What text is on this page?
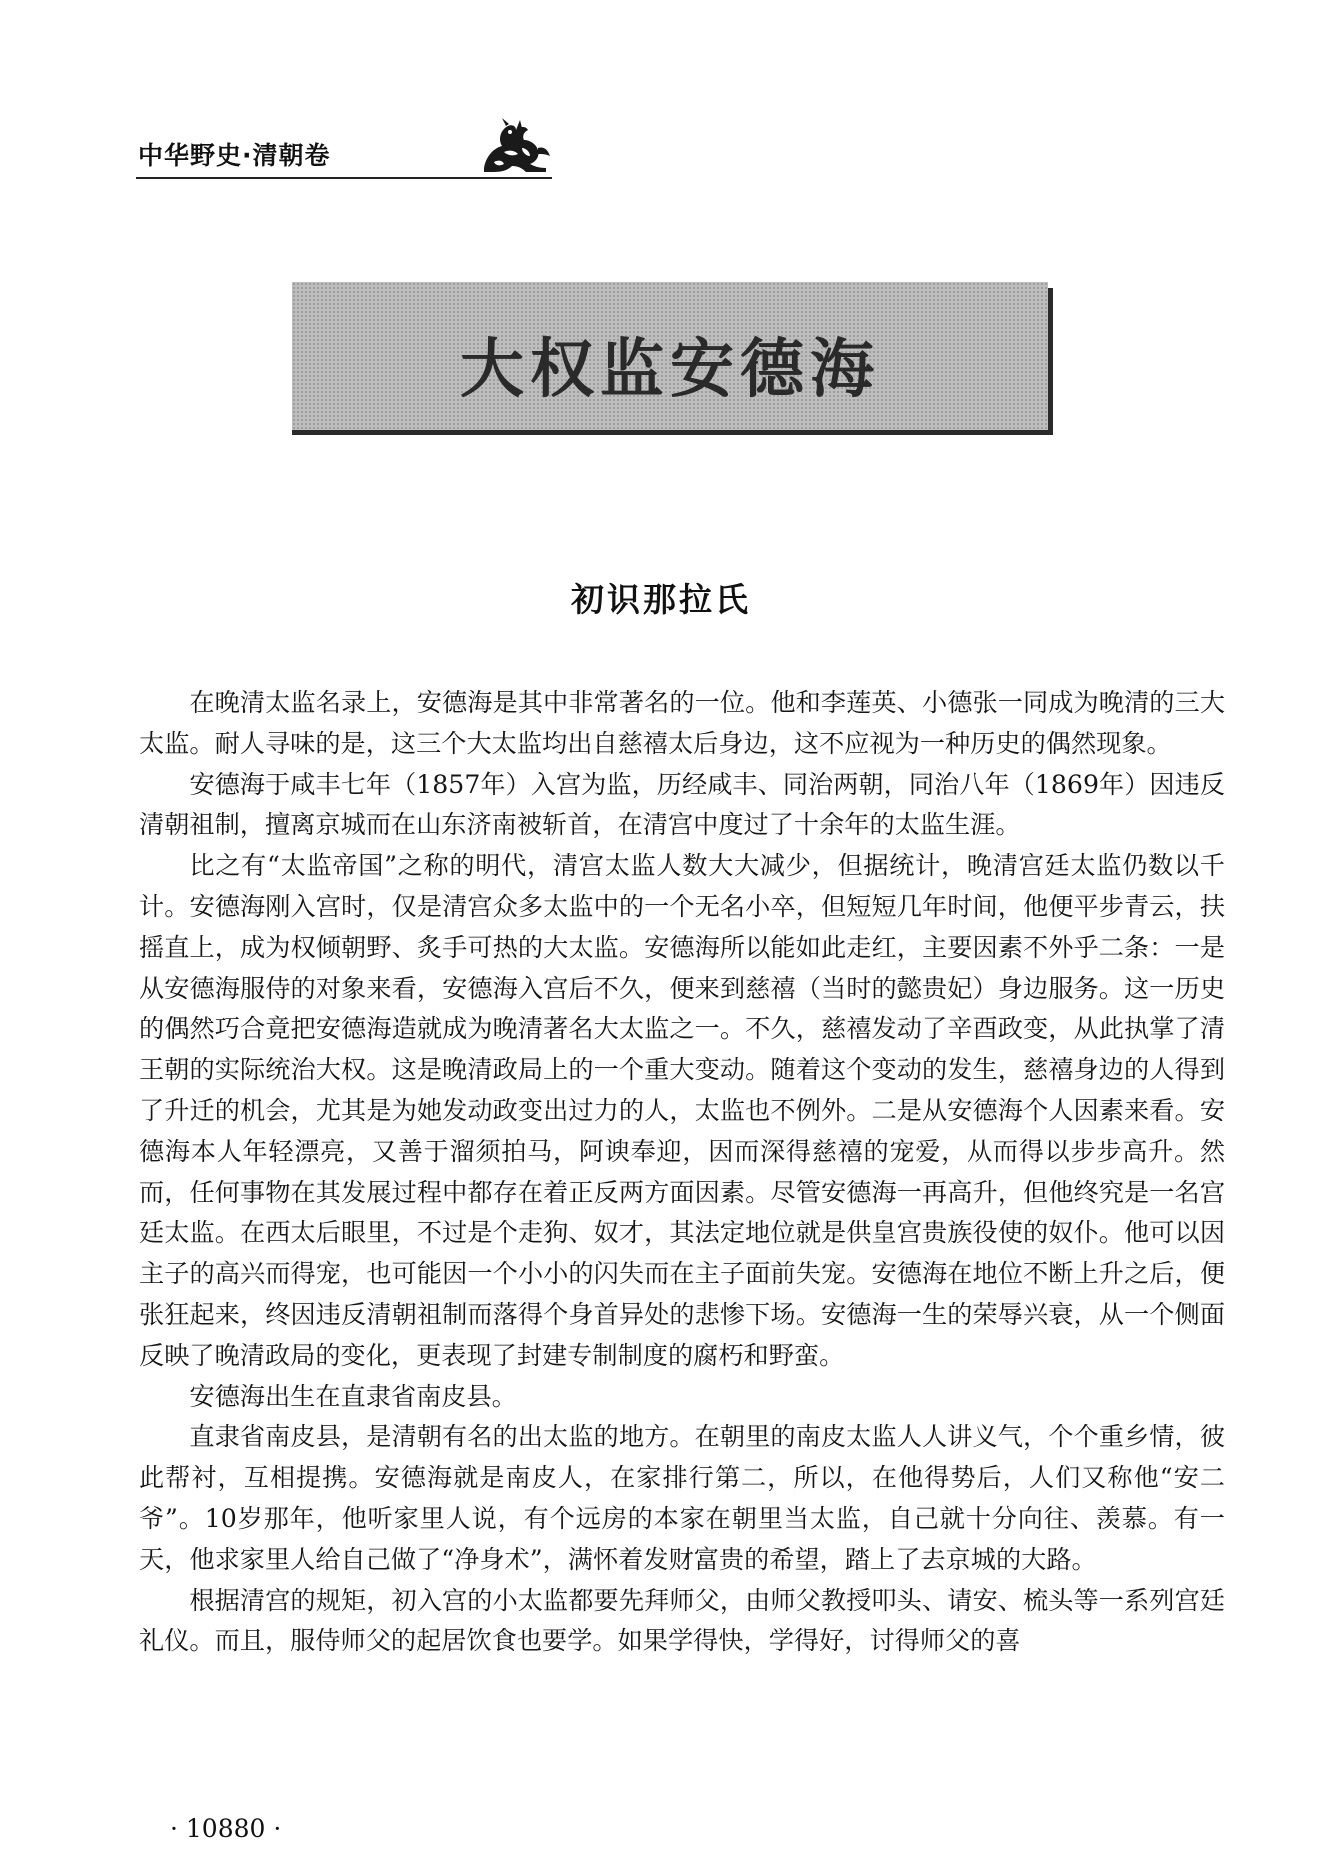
中华野史·清朝卷
大权监安德海
初识那拉氏

在晚清太监名录上，安德海是其中非常著名的一位。他和李莲英、小德张一同成为晚清的三大太监。耐人寻味的是，这三个大太监均出自慈禧太后身边，这不应视为一种历史的偶然现象。

安德海于咸丰七年（1857年）入宫为监，历经咸丰、同治两朝，同治八年（1869年）因违反清朝祖制，擅离京城而在山东济南被斩首，在清宫中度过了十余年的太监生涯。

比之有“太监帝国”之称的明代，清宫太监人数大大减少，但据统计，晚清宫廷太监仍数以千计。安德海刚入宫时，仅是清宫众多太监中的一个无名小卒，但短短几年时间，他便平步青云，扶摇直上，成为权倾朝野、炙手可热的大太监。安德海所以能如此走红，主要因素不外乎二条：一是从安德海服侍的对象来看，安德海入宫后不久，便来到慈禧（当时的懿贵妃）身边服务。这一历史的偶然巧合竟把安德海造就成为晚清著名大太监之一。不久，慈禧发动了辛酉政变，从此执掌了清王朝的实际统治大权。这是晚清政局上的一个重大变动。随着这个变动的发生，慈禧身边的人得到了升迁的机会，尤其是为她发动政变出过力的人，太监也不例外。二是从安德海个人因素来看。安德海本人年轻漂亮，又善于溜须拍马，阿谀奉迎，因而深得慈禧的宠爱，从而得以步步高升。然而，任何事物在其发展过程中都存在着正反两方面因素。尽管安德海一再高升，但他终究是一名宫廷太监。在西太后眼里，不过是个走狗、奴才，其法定地位就是供皇宫贵族役使的奴仆。他可以因主子的高兴而得宠，也可能因一个小小的闪失而在主子面前失宠。安德海在地位不断上升之后，便张狂起来，终因违反清朝祖制而落得个身首异处的悲惨下场。安德海一生的荣辱兴衰，从一个侧面反映了晚清政局的变化，更表现了封建专制制度的腐朽和野蛮。

安德海出生在直隶省南皮县。

直隶省南皮县，是清朝有名的出太监的地方。在朝里的南皮太监人人讲义气，个个重乡情，彼此帮衬，互相提携。安德海就是南皮人，在家排行第二，所以，在他得势后，人们又称他“安二爷”。10岁那年，他听家里人说，有个远房的本家在朝里当太监，自己就十分向往、羡慕。有一天，他求家里人给自己做了“净身术”，满怀着发财富贵的希望，踏上了去京城的大路。

根据清宫的规矩，初入宫的小太监都要先拜师父，由师父教授叩头、请安、梳头等一系列宫廷礼仪。而且，服侍师父的起居饮食也要学。如果学得快，学得好，讨得师父的喜

· 10880 ·
